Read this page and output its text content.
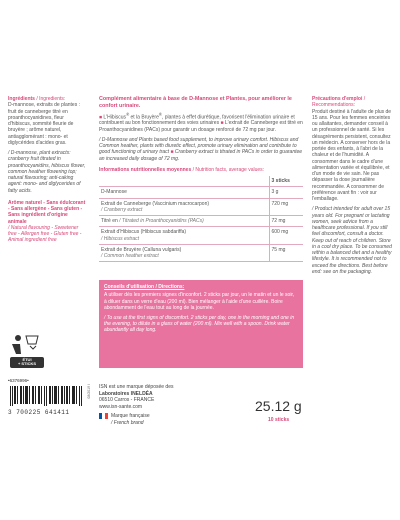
Ingrédients / Ingredients:
D-mannose, extraits de plantes : fruit de canneberge titré en proanthocyanidines, fleur d'hibiscus, sommité fleurie de bruyère ; arôme naturel, antiagglomérant : mono- et diglycérides d'acides gras.
/ D-mannose, plant extracts: cranberry fruit titrated in proanthocyanidins, hibiscus flower, common heather flowering top; natural flavouring; anti-caking agent: mono- and diglycerides of fatty acids.
Arôme naturel - Sans édulcorant - Sans allergène - Sans gluten - Sans ingrédient d'origine animale
/ Natural flavouring - Sweetener free - Allergen free - Gluten free - Animal ingredient free
Complément alimentaire à base de D-Mannose et Plantes, pour améliorer le confort urinaire.
■ L'Hibiscus® et la Bruyère®, plantes à effet diurétique, favorisent l'élimination urinaire et contribuent au bon fonctionnement des voies urinaires ■ L'extrait de Canneberge est titré en Proanthocyanidines (PACs) pour garantir un dosage renforcé de 72 mg par jour.
/ D-Mannose and Plants based food supplement, to improve urinary comfort. Hibiscus and Common heather, plants with diuretic effect, promote urinary elimination and contribute to good functioning of urinary tract ■ Cranberry extract is titrated in PACs in order to guarantee an increased daily dosage of 72 mg.
Informations nutritionnelles moyennes / Nutrition facts, average values:
	3 sticks
D-Mannose	3 g
Extrait de Canneberge (Vaccinium macrocarpon)
/ Cranberry extract	720 mg
Titré en / Titrated in Proanthocyanidins (PACs)	72 mg
Extrait d'Hibiscus (Hibiscus sabdariffa)
/ Hibiscus extract	600 mg
Extrait de Bruyère (Calluna vulgaris)
/ Common heather extract	75 mg
Conseils d'utilisation / Directions:
A utiliser dès les premiers signes d'inconfort. 2 sticks par jour, un le matin et un le soir, à diluer dans un verre d'eau (200 ml). Bien mélanger à l'aide d'une cuillère. Boire abondamment de l'eau tout au long de la journée.
/ To use at the first signs of discomfort. 2 sticks per day, one in the morning and one in the evening, to dilute in a glass of water (200 ml). Mix well with a spoon. Drink water abundantly all day long.
Précautions d'emploi / Recommendations:
Produit destiné à l'adulte de plus de 15 ans. Pour les femmes enceintes ou allaitantes, demander conseil à un professionnel de santé. Si les désagréments persistent, consultez un médecin. A conserver hors de la portée des enfants, à l'abri de la chaleur et de l'humidité. A consommer dans le cadre d'une alimentation variée et équilibrée, et d'un mode de vie sain. Ne pas dépasser la dose journalière recommandée. A consommer de préférence avant fin : voir sur l'emballage.
/ Product intended for adult over 15 years old. For pregnant or lactating women, seek advice from a healthcare professional. If you still feel discomfort, consult a doctor. Keep out of reach of children. Store in a cool dry place. To be consumed within a balanced diet and a healthy lifestyle. It is recommended not to exceed the directions. Best before end: see on the packaging.
ÉTUI
+ STICKS
•6376996•
3 700225 641411
08/2019 I ISN est une marque déposée des
Laboratoires INELDÉA
06510 Carros - FRANCE
www.isn-sante.com
Marque française
/ French brand
25.12 g
10 sticks
